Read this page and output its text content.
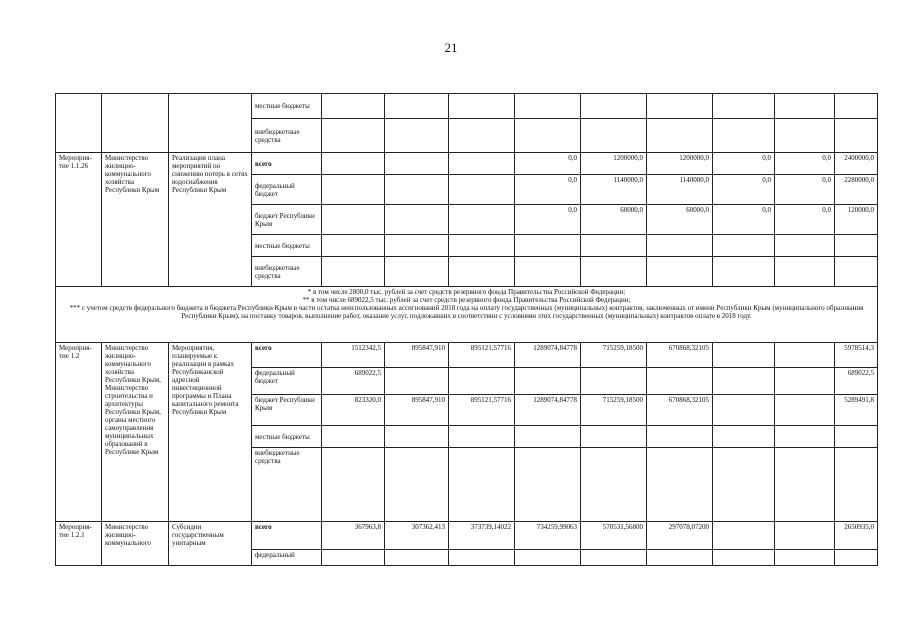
21
			местные бюджеты									
			внебюджетные средства									
Мероприя-тие 1.1.26	Министерство жилищно-коммунального хозяйства Республики Крым	Реализация плана мероприятий по снижению потерь в сетях водоснабжения Республики Крым	всего				0,0	1200000,0	1200000,0	0,0	0,0	2400000,0
			федеральный бюджет				0,0	1140000,0	1140000,0	0,0	0,0	2280000,0
			бюджет Республики Крым				0,0	60000,0	60000,0	0,0	0,0	120000,0
			местные бюджеты									
			внебюджетные средства									

* в том числе 2800,0 тыс. рублей за счет средств резервного фонда Правительства Российской Федерации;
** в том числе 689022,5 тыс. рублей за счет средств резервного фонда Правительства Российской Федерации;
*** с учетом средств федерального бюджета и бюджета Республики Крым в части остатка неиспользованных ассигнований 2018 года на оплату государственных (муниципальных) контрактов, заключенных от имени Республики Крым (муниципального образования Республики Крым), на поставку товаров, выполнение работ, оказание услуг, подлежавших в соответствии с условиями этих государственных (муниципальных) контрактов оплате в 2018 году.												

Мероприя-тие 1.2	Министерство жилищно-коммунального хозяйства Республики Крым, Министерство строительства и архитектуры Республики Крым, органы местного самоуправления муниципальных образований в Республике Крым	Мероприятия, планируемые к реализации в рамках Республиканской адресной инвестиционной программы и Плана капитального ремонта Республики Крым	всего	1512342,5	895847,910	895121,57716	1289074,84778	715259,18500	670868,32105			5978514,3
			федеральный бюджет	689022,5								689022,5
			бюджет Республики Крым	823320,0	895847,910	895121,57716	1289074,84778	715259,18500	670868,32105			5289491,8
			местные бюджеты									
			внебюджетные средства									
Мероприя-тие 1.2.1	Министерство жилищно-коммунального	Субсидии государственным унитарным	всего	367963,8	307362,413	373739,14022	734259,99063	570531,56800	297078,07200			2650935,0
			федеральный									
